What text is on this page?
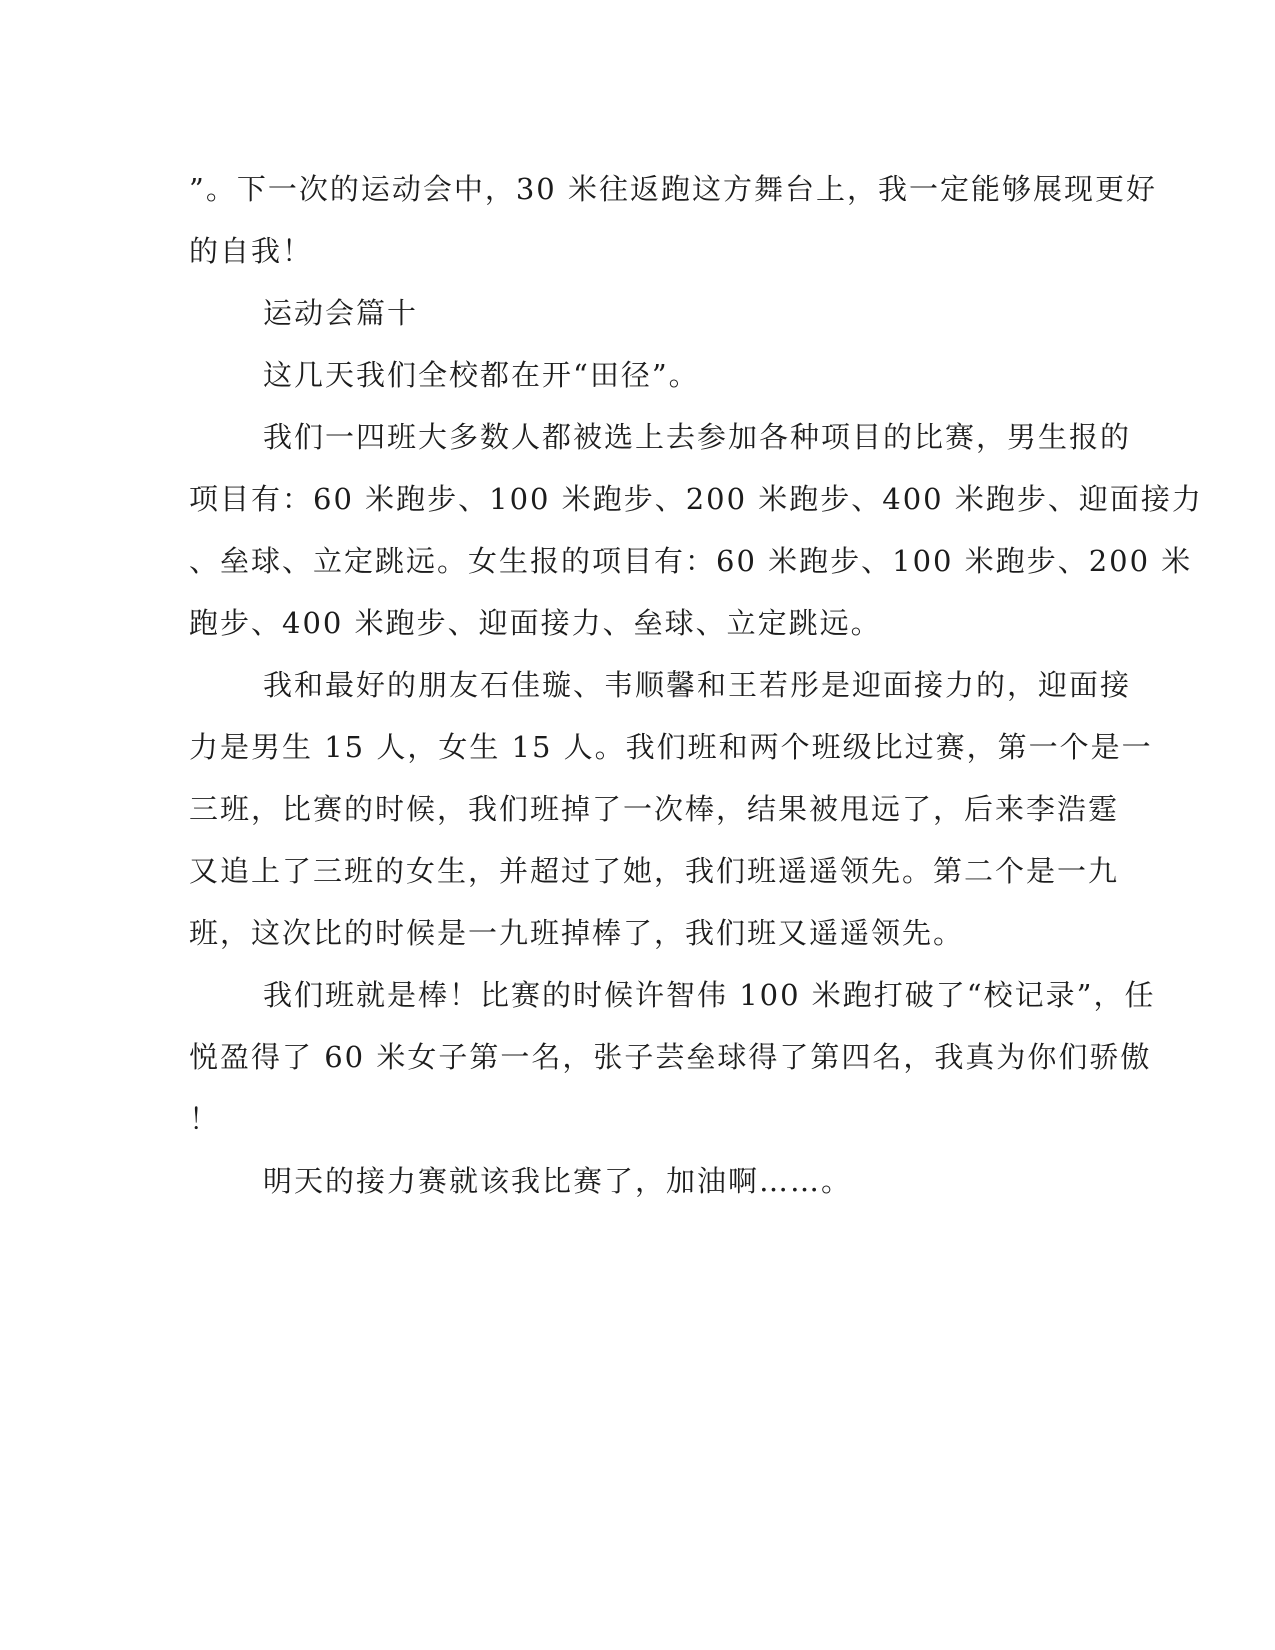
”。下一次的运动会中，30 米往返跑这方舞台上，我一定能够展现更好
的自我！
运动会篇十
这几天我们全校都在开“田径”。
我们一四班大多数人都被选上去参加各种项目的比赛，男生报的
项目有：60 米跑步、100 米跑步、200 米跑步、400 米跑步、迎面接力
、垒球、立定跳远。女生报的项目有：60 米跑步、100 米跑步、200 米
跑步、400 米跑步、迎面接力、垒球、立定跳远。
我和最好的朋友石佳璇、韦顺馨和王若彤是迎面接力的，迎面接
力是男生 15 人，女生 15 人。我们班和两个班级比过赛，第一个是一
三班，比赛的时候，我们班掉了一次棒，结果被甩远了，后来李浩霆
又追上了三班的女生，并超过了她，我们班遥遥领先。第二个是一九
班，这次比的时候是一九班掉棒了，我们班又遥遥领先。
我们班就是棒！比赛的时候许智伟 100 米跑打破了“校记录”，任
悦盈得了 60 米女子第一名，张子芸垒球得了第四名，我真为你们骄傲
！
明天的接力赛就该我比赛了，加油啊……。
